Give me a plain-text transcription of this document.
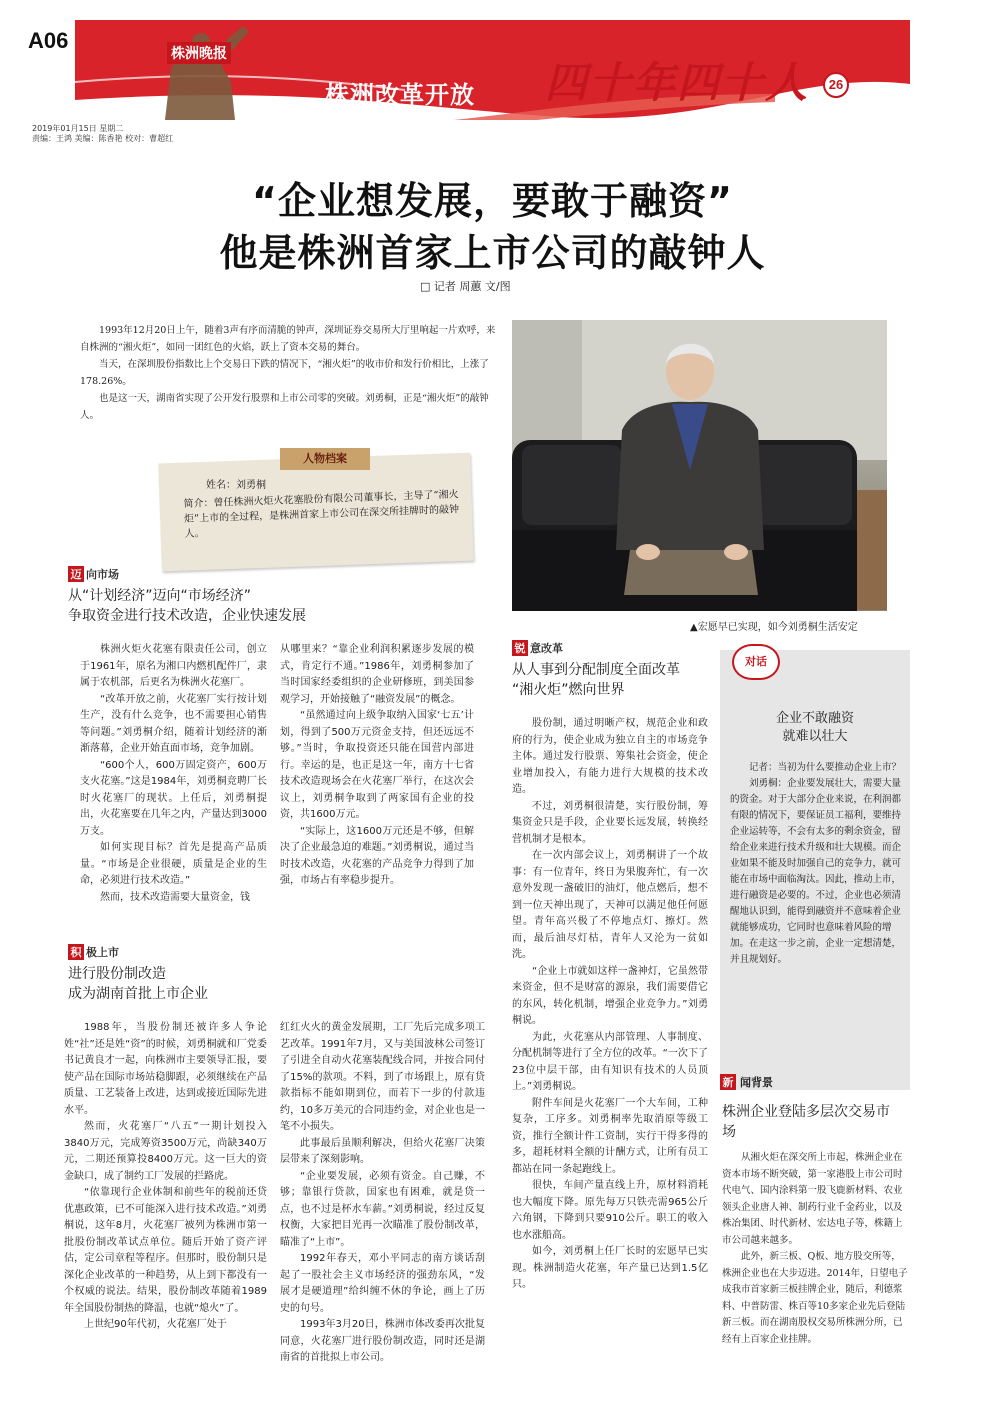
A06
株洲晚报
株洲改革开放 四十年四十人	26
讲述一个伟大的时代
2019年01月15日 星期二
责编：王鸿 美编：陈香艳 校对：曹超红
“企业想发展，要敢于融资”
他是株洲首家上市公司的敲钟人
□ 记者 周蕙 文/图

1993年12月20日上午，随着3声有序而清脆的钟声，深圳证券交易所大厅里响起一片欢呼，来自株洲的“湘火炬”，如同一团红色的火焰，跃上了资本交易的舞台。

当天，在深圳股份指数比上个交易日下跌的情况下，“湘火炬”的收市价和发行价相比，上涨了178.26%。

也是这一天，湖南省实现了公开发行股票和上市公司零的突破。刘勇桐，正是“湘火炬”的敲钟人。

▲宏愿早已实现，如今刘勇桐生活安定
人物档案
姓名：刘勇桐
简介：曾任株洲火炬火花塞股份有限公司董事长，主导了“湘火炬”上市的全过程，是株洲首家上市公司在深交所挂牌时的敲钟人。
迈 向市场
从“计划经济”迈向“市场经济”
争取资金进行技术改造，企业快速发展

株洲火炬火花塞有限责任公司，创立于1961年，原名为湘口内燃机配件厂，隶属于农机部，后更名为株洲火花塞厂。

“改革开放之前，火花塞厂实行按计划生产，没有什么竞争，也不需要担心销售等问题。”刘勇桐介绍，随着计划经济的渐渐落幕，企业开始直面市场，竞争加剧。

“600个人，600万固定资产，600万支火花塞。”这是1984年，刘勇桐竞聘厂长时火花塞厂的现状。上任后，刘勇桐提出，火花塞要在几年之内，产量达到3000万支。

如何实现目标？首先是提高产品质量。“市场是企业很硬，质量是企业的生命，必须进行技术改造。”

然而，技术改造需要大量资金，钱

从哪里来？“靠企业利润积累逐步发展的模式，肯定行不通。”1986年，刘勇桐参加了当时国家经委组织的企业研修班，到美国参观学习，开始接触了“融资发展”的概念。

“虽然通过向上级争取纳入国家‘七五’计划，得到了500万元资金支持，但还远远不够。”当时，争取投资还只能在国营内部进行。幸运的是，也正是这一年，南方十七省技术改造现场会在火花塞厂举行，在这次会议上，刘勇桐争取到了两家国有企业的投资，共1600万元。

“实际上，这1600万元还是不够，但解决了企业最急迫的难题。”刘勇桐说，通过当时技术改造，火花塞的产品竞争力得到了加强，市场占有率稳步提升。

积 极上市
进行股份制改造
成为湖南首批上市企业

1988年，当股份制还被许多人争论姓“社”还是姓“资”的时候，刘勇桐就和厂党委书记黄良才一起，向株洲市主要领导汇报，要使产品在国际市场站稳脚跟，必须继续在产品质量、工艺装备上改进，达到或接近国际先进水平。

然而，火花塞厂“八五”一期计划投入3840万元，完成筹资3500万元，尚缺340万元，二期还预算投8400万元。这一巨大的资金缺口，成了制约工厂发展的拦路虎。

“依靠现行企业体制和前些年的税前还贷优惠政策，已不可能深入进行技术改造。”刘勇桐说，这年8月，火花塞厂被列为株洲市第一批股份制改革试点单位。随后开始了资产评估，定公司章程等程序。但那时，股份制只是深化企业改革的一种趋势，从上到下都没有一个权威的说法。结果，股份制改革随着1989年全国股份制热的降温，也就“熄火”了。

上世纪90年代初，火花塞厂处于

红红火火的黄金发展期，工厂先后完成多项工艺改革。1991年7月，又与美国波林公司签订了引进全自动火花塞装配线合同，并按合同付了15%的款项。不料，到了市场跟上，原有贷款指标不能如期到位，而若下一步的付款违约，10多万美元的合同违约金，对企业也是一笔不小损失。

此事最后虽顺利解决，但给火花塞厂决策层带来了深刻影响。

“企业要发展，必须有资金。自己赚，不够；靠银行贷款，国家也有困难，就是贷一点，也不过是杯水车薪。”刘勇桐说，经过反复权衡，大家把目光再一次瞄准了股份制改革，瞄准了“上市”。

1992年春天，邓小平同志的南方谈话刮起了一股社会主义市场经济的强劲东风，“发展才是硬道理”给纠缠不休的争论，画上了历史的句号。

1993年3月20日，株洲市体改委再次批复同意，火花塞厂进行股份制改造，同时还是湖南省的首批拟上市公司。

锐 意改革
从人事到分配制度全面改革
“湘火炬”燃向世界

股份制，通过明晰产权，规范企业和政府的行为，使企业成为独立自主的市场竞争主体。通过发行股票、筹集社会资金，使企业增加投入，有能力进行大规模的技术改造。

不过，刘勇桐很清楚，实行股份制，筹集资金只是手段，企业要长远发展，转换经营机制才是根本。

在一次内部会议上，刘勇桐讲了一个故事：有一位青年，终日为果腹奔忙，有一次意外发现一盏破旧的油灯，他点燃后，想不到一位天神出现了，天神可以满足他任何愿望。青年高兴极了不停地点灯、擦灯。然而，最后油尽灯枯，青年人又沦为一贫如洗。

“企业上市就如这样一盏神灯，它虽然带来资金，但不是财富的源泉，我们需要借它的东风，转化机制，增强企业竞争力。”刘勇桐说。

为此，火花塞从内部管理、人事制度、分配机制等进行了全方位的改革。“一次下了23位中层干部，由有知识有技术的人员顶上。”刘勇桐说。

附件车间是火花塞厂一个大车间，工种复杂，工序多。刘勇桐率先取消原等级工资，推行全额计件工资制，实行干得多得的多，超耗材料全额的计酬方式，让所有员工都站在同一条起跑线上。

很快，车间产量直线上升，原材料消耗也大幅度下降。原先每万只铁壳需965公斤六角钢，下降到只要910公斤。职工的收入也水涨船高。

如今，刘勇桐上任厂长时的宏愿早已实现。株洲制造火花塞，年产量已达到1.5亿只。

对话
企业不敢融资
就难以壮大

记者：当初为什么要推动企业上市？

刘勇桐：企业要发展壮大，需要大量的资金。对于大部分企业来说，在利润都有限的情况下，要保证员工福利，要维持企业运转等，不会有太多的剩余资金，留给企业来进行技术升级和壮大规模。而企业如果不能及时加强自己的竞争力，就可能在市场中面临淘汰。因此，推动上市，进行融资是必要的。不过，企业也必须清醒地认识到，能得到融资并不意味着企业就能够成功，它同时也意味着风险的增加。在走这一步之前，企业一定想清楚，并且规划好。

新 闻背景
株洲企业登陆多层次交易市场

从湘火炬在深交所上市起，株洲企业在资本市场不断突破，第一家港股上市公司时代电气、国内涂料第一股飞鹿新材料、农业领头企业唐人神、制药行业千金药业，以及株冶集团、时代新材、宏达电子等，株籍上市公司越来越多。

此外，新三板、Q板、地方股交所等，株洲企业也在大步迈进。2014年，日望电子成我市首家新三板挂牌企业，随后，利德浆料、中普防雷、株百等10多家企业先后登陆新三板。而在湖南股权交易所株洲分所，已经有上百家企业挂牌。
